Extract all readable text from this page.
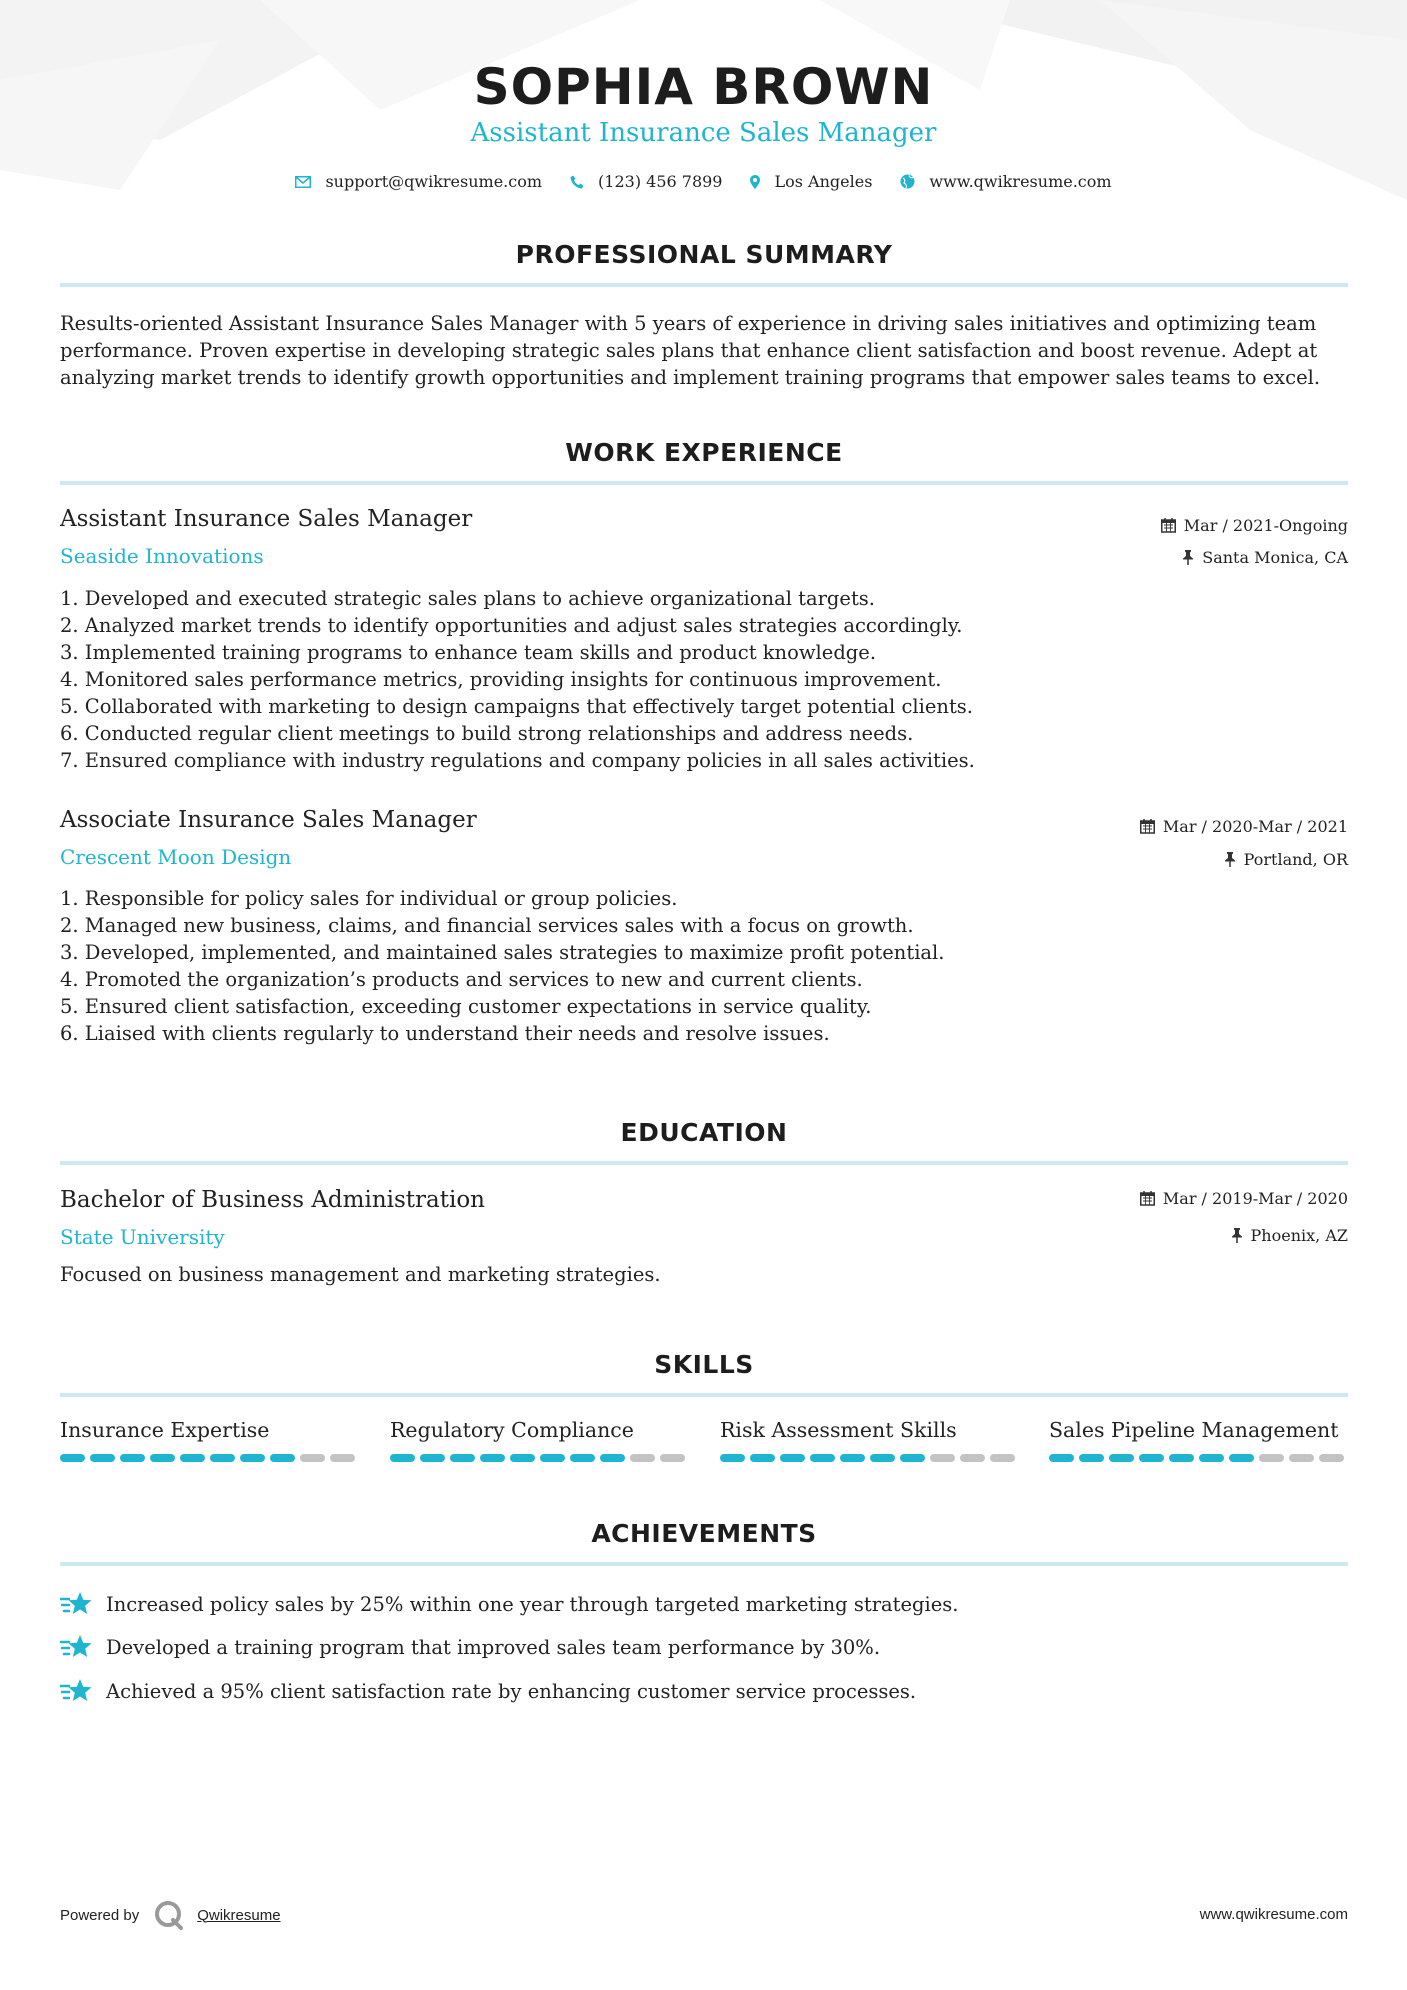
SOPHIA BROWN
Assistant Insurance Sales Manager
support@qwikresume.com	(123) 456 7899	Los Angeles	www.qwikresume.com
PROFESSIONAL SUMMARY
Results-oriented Assistant Insurance Sales Manager with 5 years of experience in driving sales initiatives and optimizing team performance. Proven expertise in developing strategic sales plans that enhance client satisfaction and boost revenue. Adept at analyzing market trends to identify growth opportunities and implement training programs that empower sales teams to excel.
WORK EXPERIENCE
Assistant Insurance Sales Manager
Seaside Innovations
Mar / 2021-Ongoing
Santa Monica, CA
1. Developed and executed strategic sales plans to achieve organizational targets.
2. Analyzed market trends to identify opportunities and adjust sales strategies accordingly.
3. Implemented training programs to enhance team skills and product knowledge.
4. Monitored sales performance metrics, providing insights for continuous improvement.
5. Collaborated with marketing to design campaigns that effectively target potential clients.
6. Conducted regular client meetings to build strong relationships and address needs.
7. Ensured compliance with industry regulations and company policies in all sales activities.
Associate Insurance Sales Manager
Crescent Moon Design
Mar / 2020-Mar / 2021
Portland, OR
1. Responsible for policy sales for individual or group policies.
2. Managed new business, claims, and financial services sales with a focus on growth.
3. Developed, implemented, and maintained sales strategies to maximize profit potential.
4. Promoted the organization’s products and services to new and current clients.
5. Ensured client satisfaction, exceeding customer expectations in service quality.
6. Liaised with clients regularly to understand their needs and resolve issues.
EDUCATION
Bachelor of Business Administration
State University
Mar / 2019-Mar / 2020
Phoenix, AZ
Focused on business management and marketing strategies.
SKILLS
Insurance Expertise	Regulatory Compliance	Risk Assessment Skills	Sales Pipeline Management
ACHIEVEMENTS
Increased policy sales by 25% within one year through targeted marketing strategies.
Developed a training program that improved sales team performance by 30%.
Achieved a 95% client satisfaction rate by enhancing customer service processes.
Powered by	Qwikresume	www.qwikresume.com
